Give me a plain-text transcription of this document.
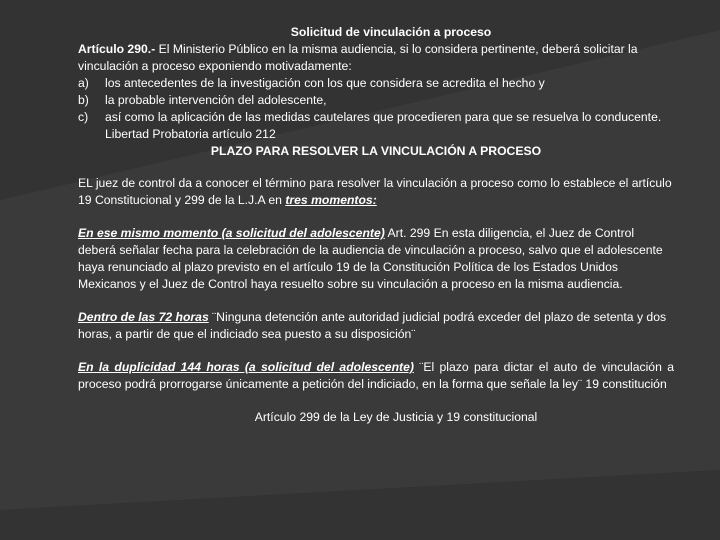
Solicitud de vinculación a proceso

Artículo 290.- El Ministerio Público en la misma audiencia, si lo considera pertinente, deberá solicitar la vinculación a proceso exponiendo motivadamente:

a)	los antecedentes de la investigación con los que considera se acredita el hecho y
b)	la probable intervención del adolescente,
c)	así como la aplicación de las medidas cautelares que procedieren para que se resuelva lo conducente. Libertad Probatoria artículo 212
PLAZO PARA RESOLVER LA VINCULACIÓN A PROCESO

EL juez de control da a conocer el término para resolver la vinculación a proceso como lo establece el artículo 19 Constitucional y 299 de la L.J.A en tres momentos:

En ese mismo momento (a solicitud del adolescente) Art. 299 En esta diligencia, el Juez de Control deberá señalar fecha para la celebración de la audiencia de vinculación a proceso, salvo que el adolescente haya renunciado al plazo previsto en el artículo 19 de la Constitución Política de los Estados Unidos Mexicanos y el Juez de Control haya resuelto sobre su vinculación a proceso en la misma audiencia.

Dentro de las 72 horas ¨Ninguna detención ante autoridad judicial podrá exceder del plazo de setenta y dos horas, a partir de que el indiciado sea puesto a su disposición¨

En la duplicidad 144 horas (a solicitud del adolescente) ¨El plazo para dictar el auto de vinculación a proceso podrá prorrogarse únicamente a petición del indiciado, en la forma que señale la ley¨ 19 constitución

Artículo 299 de la Ley de Justicia y 19 constitucional
